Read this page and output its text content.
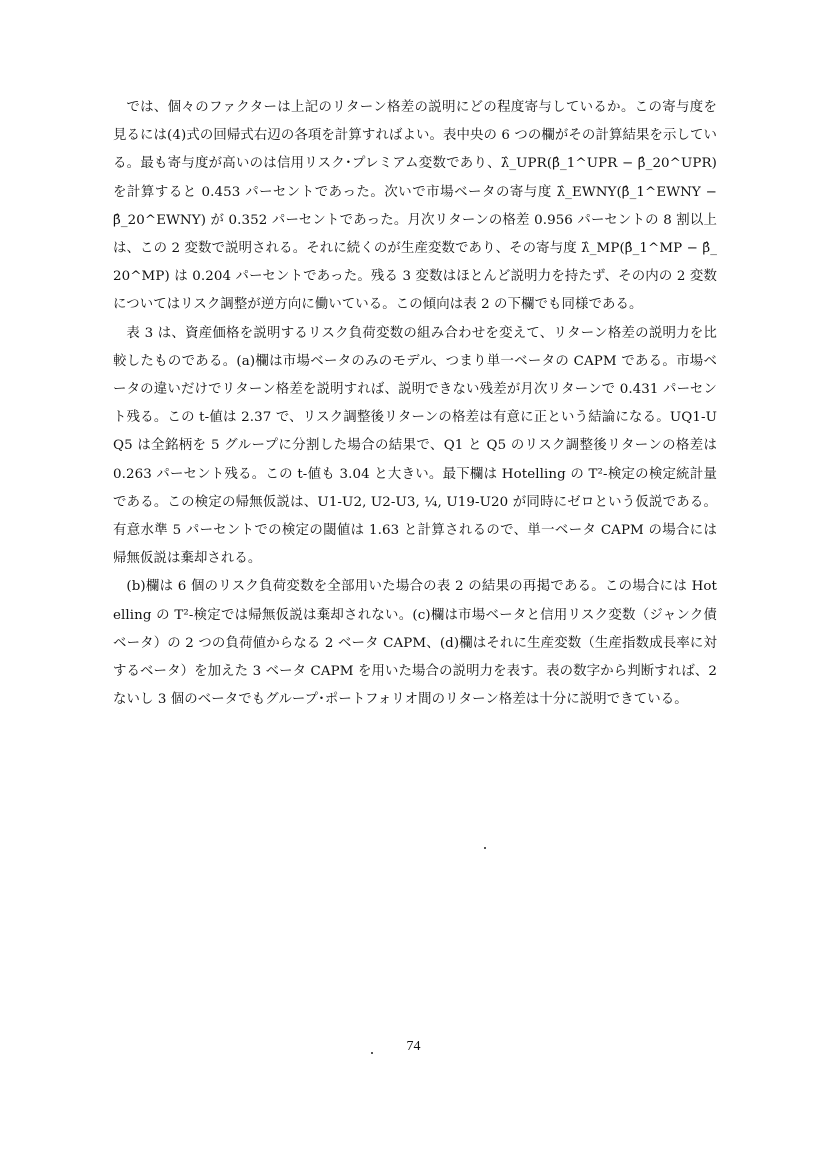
では、個々のファクターは上記のリターン格差の説明にどの程度寄与しているか。この寄与度を見るには(4)式の回帰式右辺の各項を計算すればよい。表中央の 6 つの欄がその計算結果を示している。最も寄与度が高いのは信用リスク･プレミアム変数であり、λ̂_UPR(β̂_1^UPR − β̂_20^UPR)を計算すると 0.453 パーセントであった。次いで市場ベータの寄与度 λ̂_EWNY(β̂_1^EWNY − β̂_20^EWNY) が 0.352 パーセントであった。月次リターンの格差 0.956 パーセントの 8 割以上は、この 2 変数で説明される。それに続くのが生産変数であり、その寄与度 λ̂_MP(β̂_1^MP − β̂_20^MP) は 0.204 パーセントであった。残る 3 変数はほとんど説明力を持たず、その内の 2 変数についてはリスク調整が逆方向に働いている。この傾向は表 2 の下欄でも同様である。

表 3 は、資産価格を説明するリスク負荷変数の組み合わせを変えて、リターン格差の説明力を比較したものである。(a)欄は市場ベータのみのモデル、つまり単一ベータの CAPM である。市場ベータの違いだけでリターン格差を説明すれば、説明できない残差が月次リターンで 0.431 パーセント残る。この t-値は 2.37 で、リスク調整後リターンの格差は有意に正という結論になる。UQ1-UQ5 は全銘柄を 5 グループに分割した場合の結果で、Q1 と Q5 のリスク調整後リターンの格差は 0.263 パーセント残る。この t-値も 3.04 と大きい。最下欄は Hotelling の T²-検定の検定統計量である。この検定の帰無仮説は、U1-U2, U2-U3, ¼, U19-U20 が同時にゼロという仮説である。有意水準 5 パーセントでの検定の閾値は 1.63 と計算されるので、単一ベータ CAPM の場合には帰無仮説は棄却される。

(b)欄は 6 個のリスク負荷変数を全部用いた場合の表 2 の結果の再掲である。この場合には Hotelling の T²-検定では帰無仮説は棄却されない。(c)欄は市場ベータと信用リスク変数（ジャンク債ベータ）の 2 つの負荷値からなる 2 ベータ CAPM、(d)欄はそれに生産変数（生産指数成長率に対するベータ）を加えた 3 ベータ CAPM を用いた場合の説明力を表す。表の数字から判断すれば、2 ないし 3 個のベータでもグループ･ポートフォリオ間のリターン格差は十分に説明できている。

74
